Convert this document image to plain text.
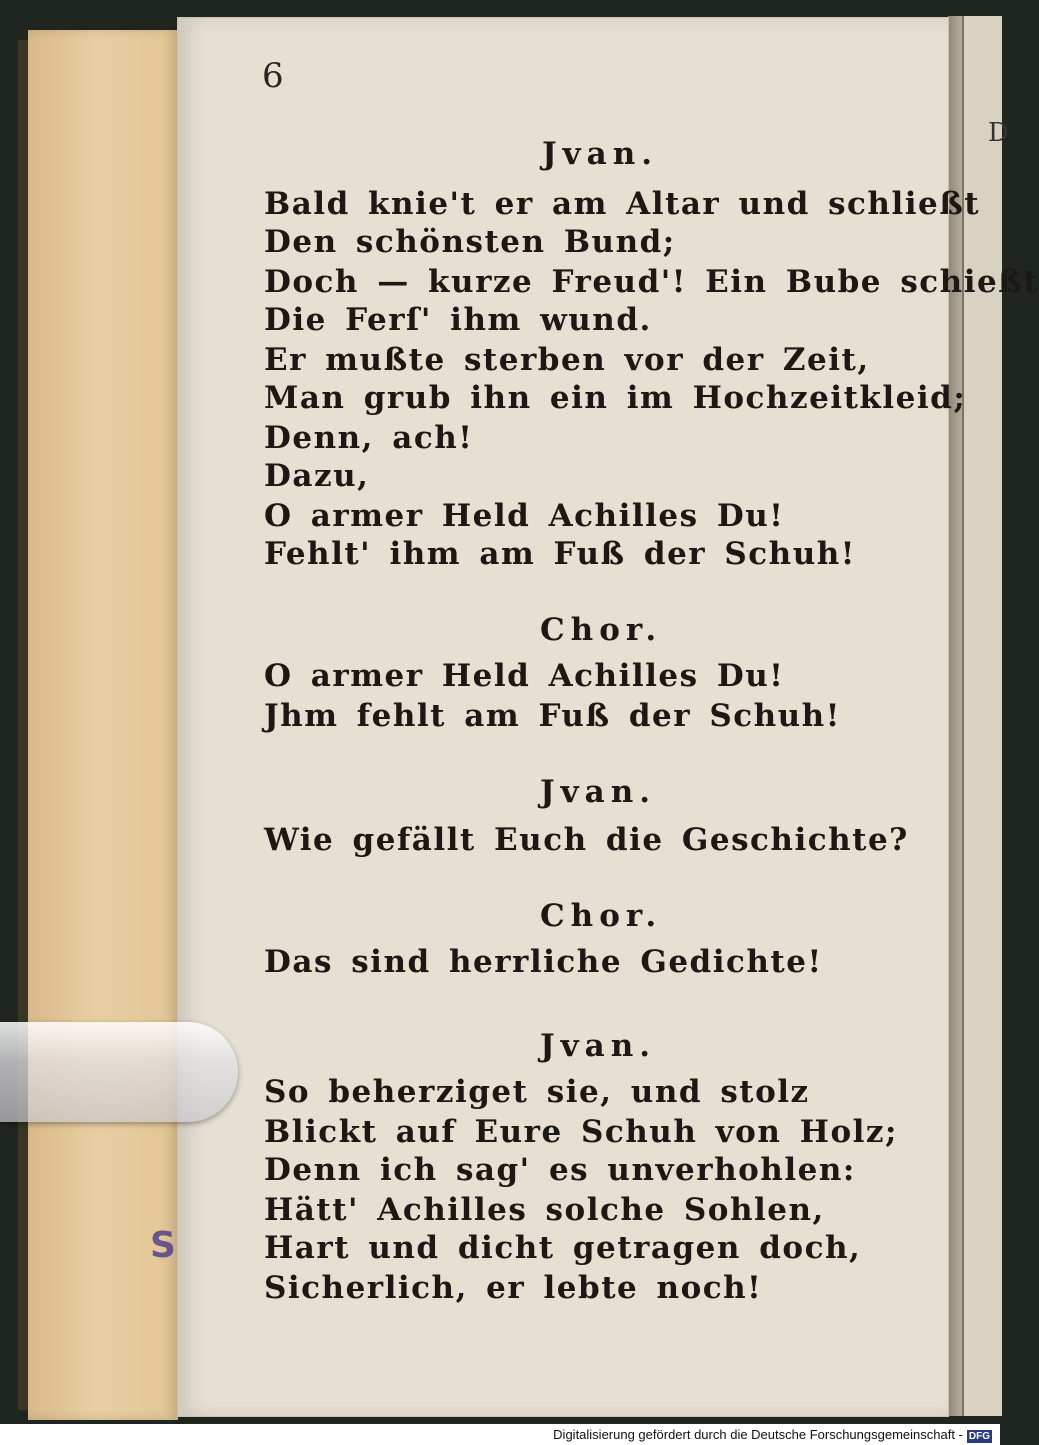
S
D
6
Jvan.
Bald knie't er am Altar und schließt
Den schönsten Bund;
Doch — kurze Freud'! Ein Bube schießt
Die Ferſ' ihm wund.
Er mußte sterben vor der Zeit,
Man grub ihn ein im Hochzeitkleid;
Denn, ach!
Dazu,
O armer Held Achilles Du!
Fehlt' ihm am Fuß der Schuh!
Chor.
O armer Held Achilles Du!
Jhm fehlt am Fuß der Schuh!
Jvan.
Wie gefällt Euch die Geschichte?
Chor.
Das sind herrliche Gedichte!
Jvan.
So beherziget sie, und stolz
Blickt auf Eure Schuh von Holz;
Denn ich sag' es unverhohlen:
Hätt' Achilles solche Sohlen,
Hart und dicht getragen doch,
Sicherlich, er lebte noch!
Digitalisierung gefördert durch die Deutsche Forschungsgemeinschaft - DFG
